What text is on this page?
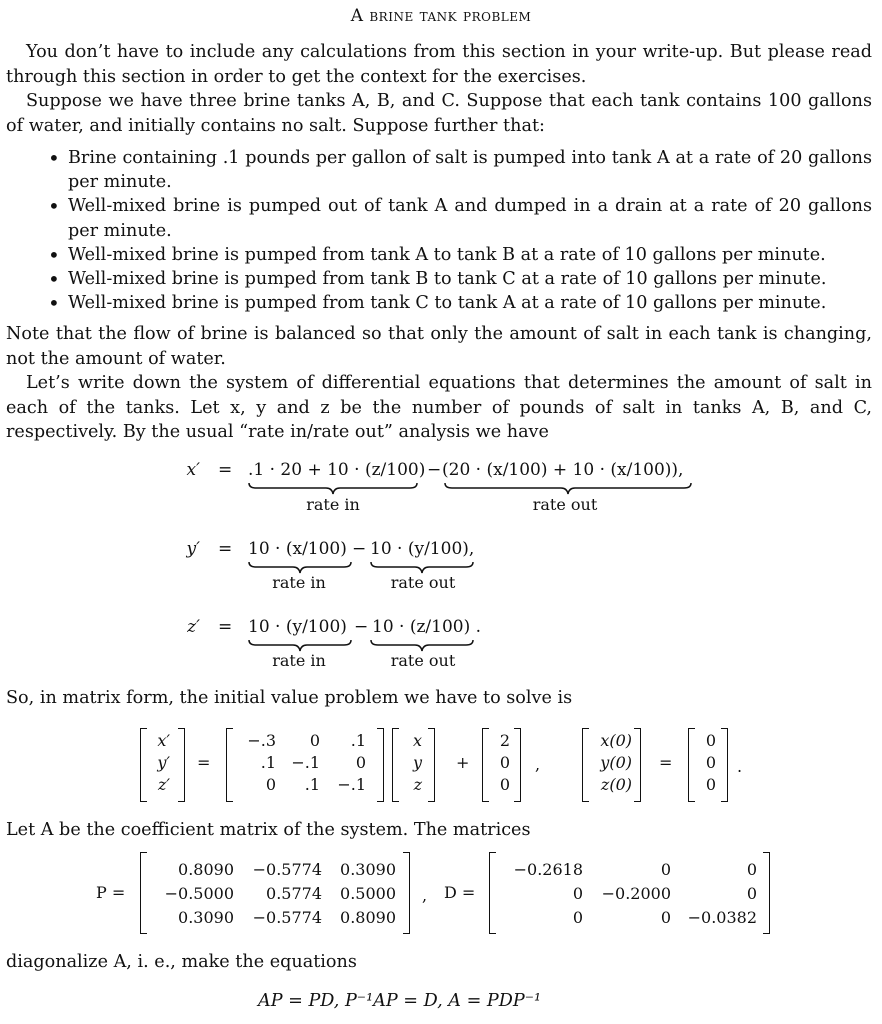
A brine tank problem
You don’t have to include any calculations from this section in your write-up. But please read through this section in order to get the context for the exercises.
Suppose we have three brine tanks A, B, and C. Suppose that each tank contains 100 gallons of water, and initially contains no salt. Suppose further that:
• Brine containing .1 pounds per gallon of salt is pumped into tank A at a rate of 20 gallons per minute.
• Well-mixed brine is pumped out of tank A and dumped in a drain at a rate of 20 gallons per minute.
• Well-mixed brine is pumped from tank A to tank B at a rate of 10 gallons per minute.
• Well-mixed brine is pumped from tank B to tank C at a rate of 10 gallons per minute.
• Well-mixed brine is pumped from tank C to tank A at a rate of 10 gallons per minute.
Note that the flow of brine is balanced so that only the amount of salt in each tank is changing, not the amount of water.
Let’s write down the system of differential equations that determines the amount of salt in each of the tanks. Let x, y and z be the number of pounds of salt in tanks A, B, and C, respectively. By the usual “rate in/rate out” analysis we have
x′ = .1 · 20 + 10 · (z/100) − (20 · (x/100) + 10 · (x/100)),
rate in	rate out
y′ = 10 · (x/100) − 10 · (y/100),
rate in	rate out
z′ = 10 · (y/100) − 10 · (z/100) .
rate in	rate out
So, in matrix form, the initial value problem we have to solve is
x′
y′
z′
=
−.3	0	.1
.1 −.1	0
0	.1	−.1
x
y
z
+
2
0
0
,
x(0)
y(0)
z(0)
=
0
0
0
.
Let A be the coefficient matrix of the system. The matrices
P =
0.8090	−0.5774	0.3090
−0.5000	0.5774	0.5000
0.3090	−0.5774	0.8090
, D =
−0.2618	0	0
0	−0.2000	0
0	0	−0.0382
diagonalize A, i. e., make the equations
AP = PD, P⁻¹AP = D, A = PDP⁻¹
